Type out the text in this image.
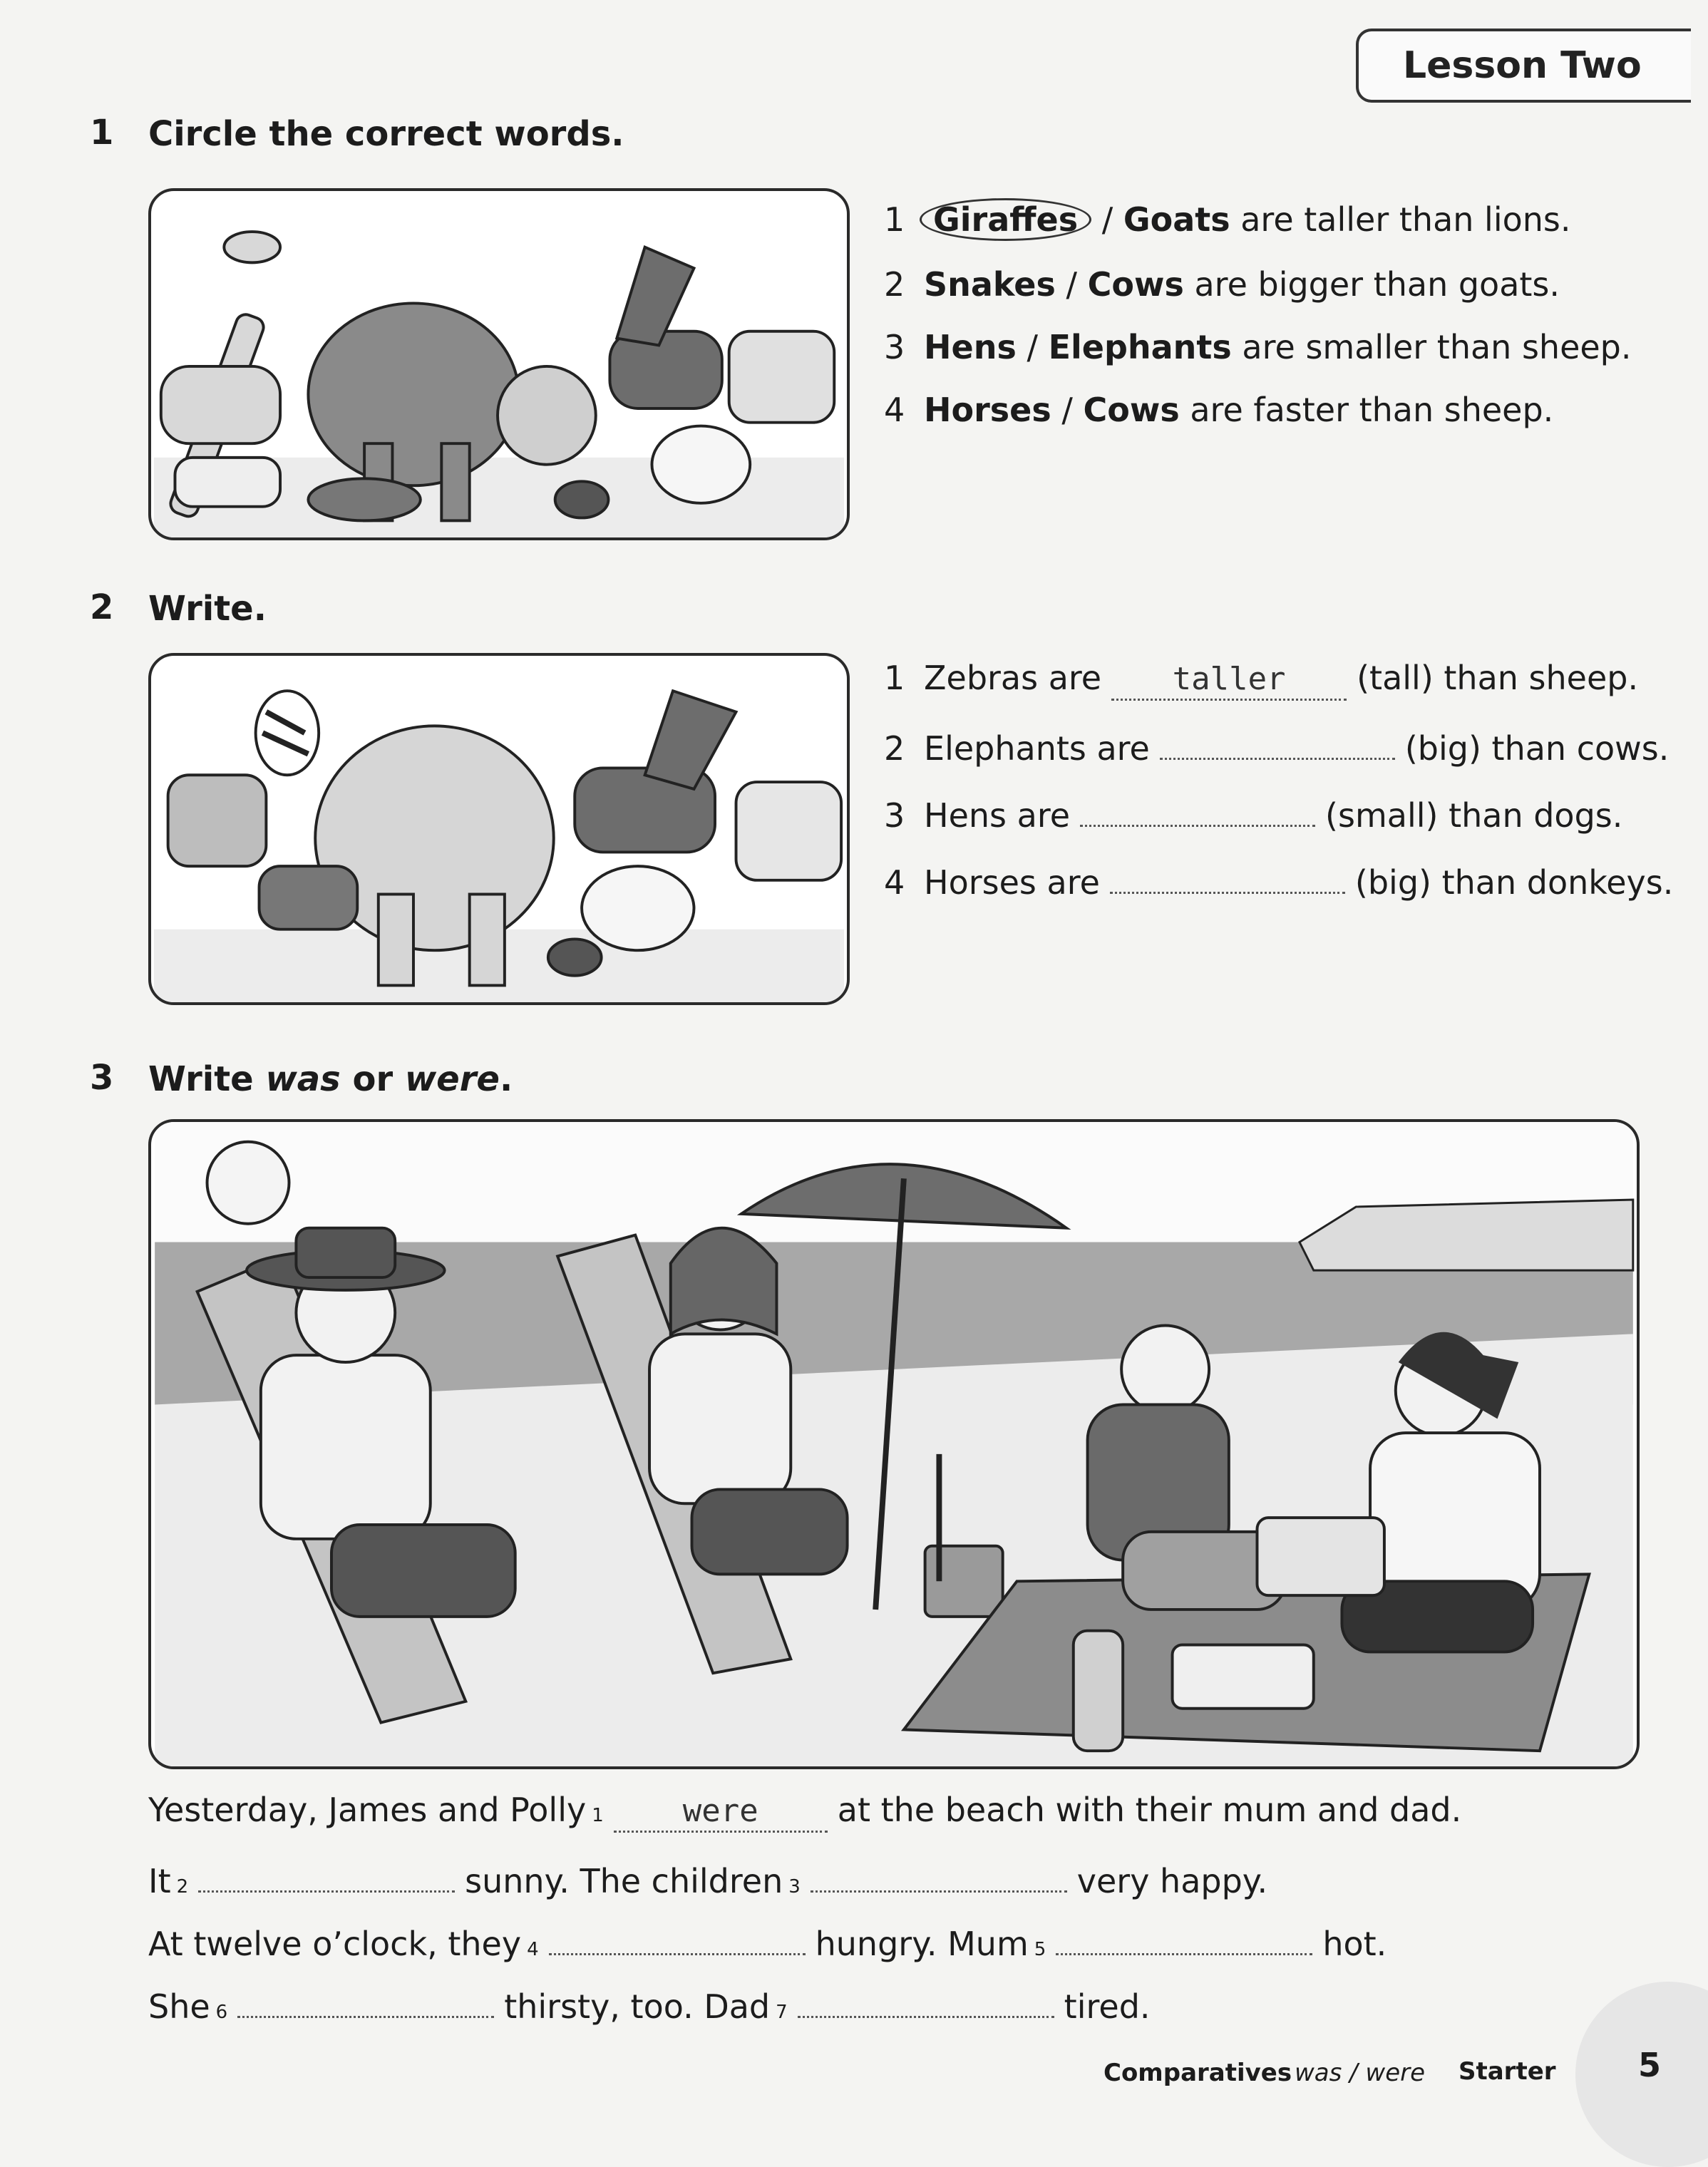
Lesson Two
1 Circle the correct words.
1 Giraffes / Goats are taller than lions.
2 Snakes / Cows are bigger than goats.
3 Hens / Elephants are smaller than sheep.
4 Horses / Cows are faster than sheep.
2 Write.
1 Zebras are	taller	(tall) than sheep.
2 Elephants are	(big) than cows.
3 Hens are	(small) than dogs.
4 Horses are	(big) than donkeys.
3 Write was or were.
Yesterday, James and Polly 1	were	at the beach with their mum and dad.
It 2	sunny. The children 3	very happy.
At twelve o’clock, they 4	hungry. Mum 5	hot.
She 6	thirsty, too. Dad 7	tired.
Comparatives was / were Starter	5
